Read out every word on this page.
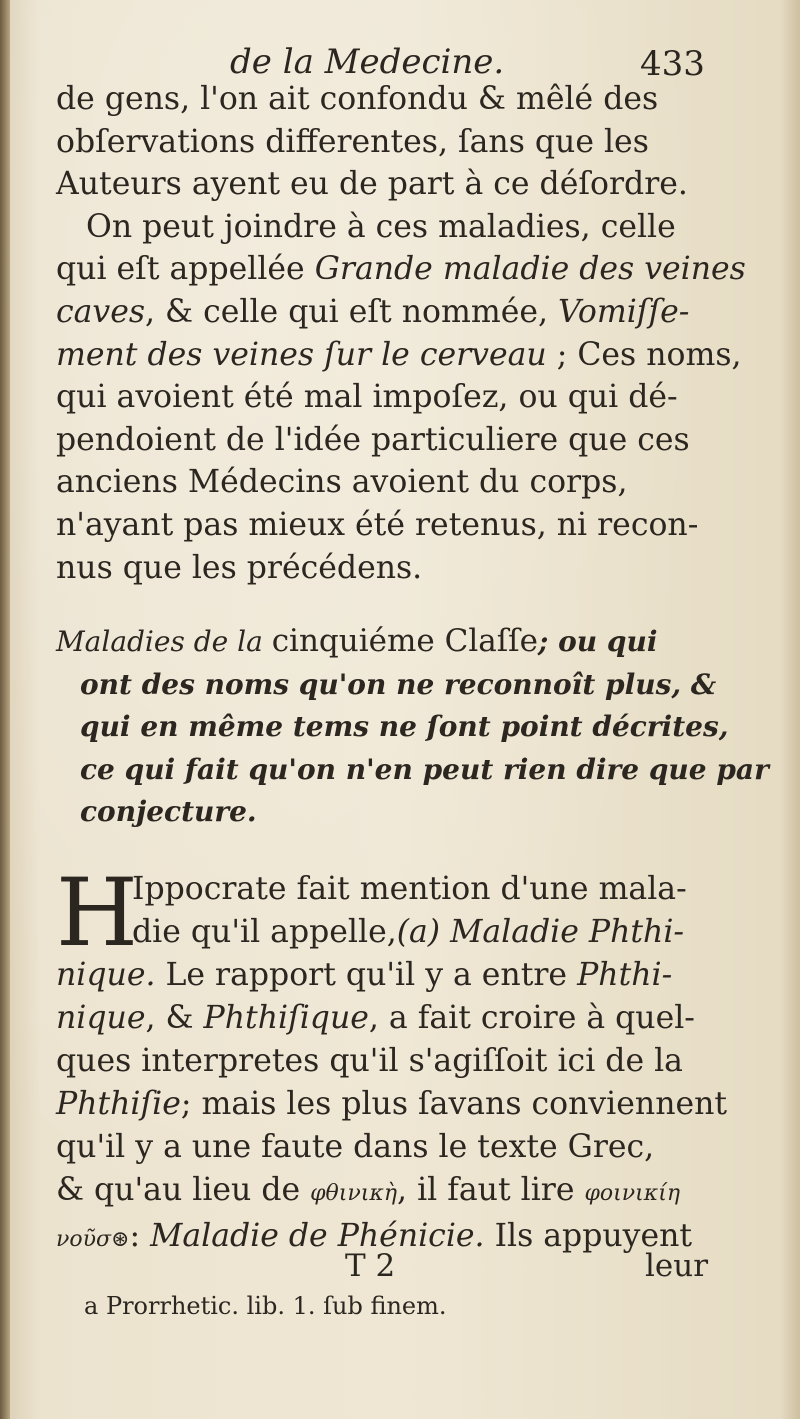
de la Medecine.	433
de gens, l'on ait confondu & mêlé des
obſervations differentes, ſans que les
Auteurs ayent eu de part à ce déſordre.
On peut joindre à ces maladies, celle
qui eſt appellée Grande maladie des veines
caves, & celle qui eſt nommée, Vomiſſe-
ment des veines ſur le cerveau ; Ces noms,
qui avoient été mal impoſez, ou qui dé-
pendoient de l'idée particuliere que ces
anciens Médecins avoient du corps,
n'ayant pas mieux été retenus, ni recon-
nus que les précédens.
Maladies de la cinquiéme Claſſe; ou qui
ont des noms qu'on ne reconnoît plus, &
qui en même tems ne ſont point décrites,
ce qui fait qu'on n'en peut rien dire que par
conjecture.
H
Ippocrate fait mention d'une mala-
die qu'il appelle,(a) Maladie Phthi-
nique. Le rapport qu'il y a entre Phthi-
nique, & Phthiſique, a fait croire à quel-
ques interpretes qu'il s'agiſſoit ici de la
Phthiſie; mais les plus ſavans conviennent
qu'il y a une faute dans le texte Grec,
& qu'au lieu de φθινικὴ, il faut lire φοινικίη
νοῦσ⊛: Maladie de Phénicie. Ils appuyent
T 2	leur
a Prorrhetic. lib. 1. ſub finem.
